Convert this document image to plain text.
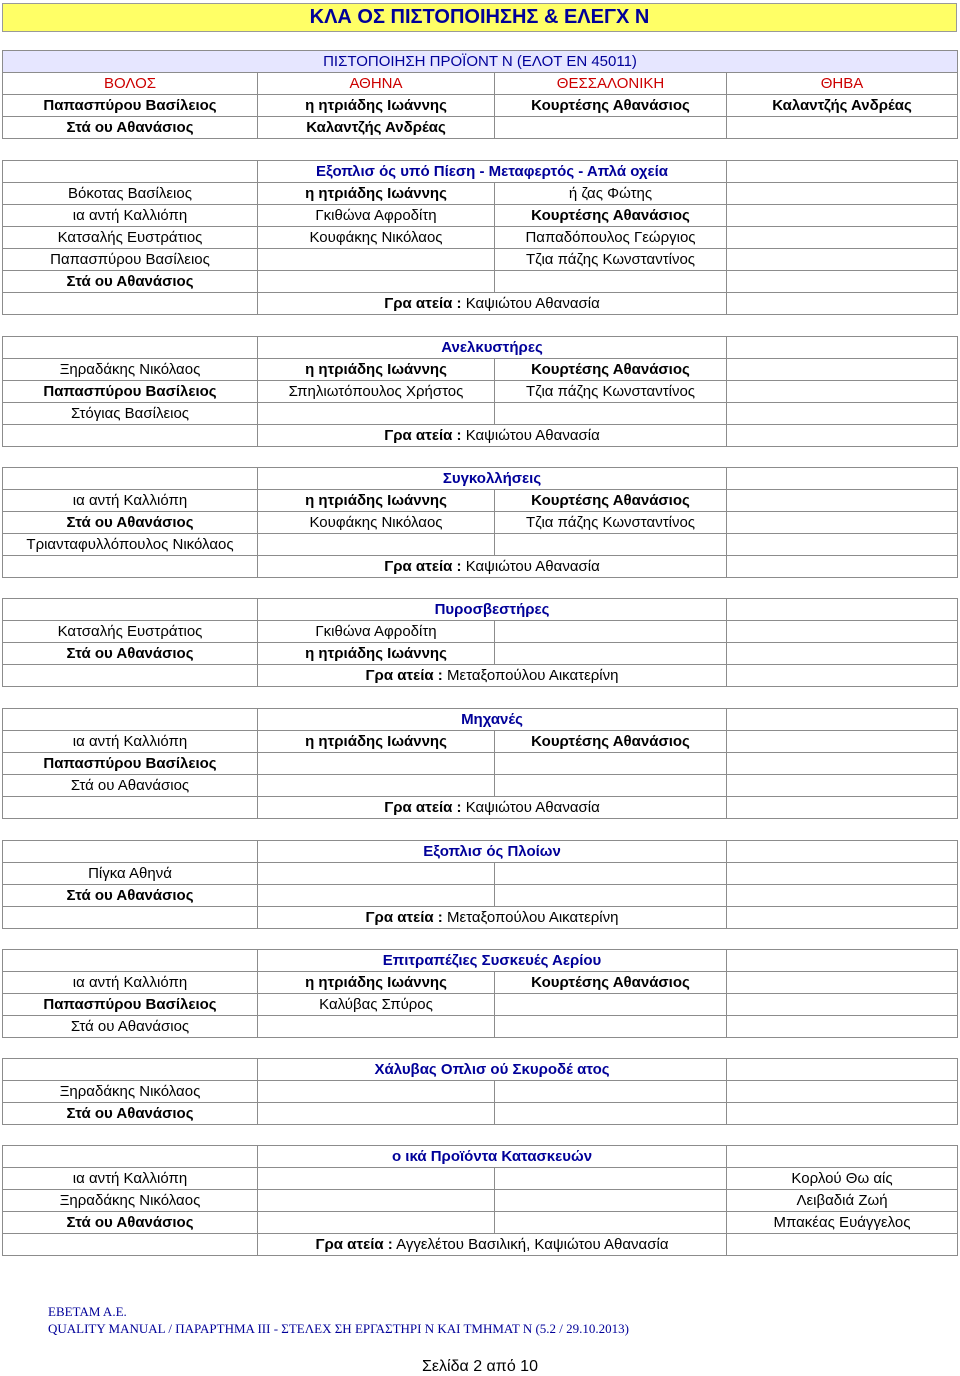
ΚΛΑ ΟΣ ΠΙΣΤΟΠΟΙΗΣΗΣ & ΕΛΕΓΧ Ν
ΠΙΣΤΟΠΟΙΗΣΗ ΠΡΟΪΟΝΤ Ν (ΕΛΟΤ ΕΝ 45011)			
ΒΟΛΟΣ	ΑΘΗΝΑ	ΘΕΣΣΑΛΟΝΙΚΗ	ΘΗΒΑ
Παπασπύρου Βασίλειος	η ητριάδης Ιωάννης	Κουρτέσης Αθανάσιος	Καλαντζής Ανδρέας
Στά ου Αθανάσιος	Καλαντζής Ανδρέας		
	Εξοπλισ ός υπό Πίεση - Μεταφερτός - Απλά οχεία		
Βόκοτας Βασίλειος	η ητριάδης Ιωάννης	ή ζας Φώτης	
ια αντή Καλλιόπη	Γκιθώνα Αφροδίτη	Κουρτέσης Αθανάσιος	
Κατσαλής Ευστράτιος	Κουφάκης Νικόλαος	Παπαδόπουλος Γεώργιος	
Παπασπύρου Βασίλειος		Τζια πάζης Κωνσταντίνος	
Στά ου Αθανάσιος			
	Γρα ατεία : Καψιώτου Αθανασία		
	Ανελκυστήρες		
Ξηραδάκης Νικόλαος	η ητριάδης Ιωάννης	Κουρτέσης Αθανάσιος	
Παπασπύρου Βασίλειος	Σπηλιωτόπουλος Χρήστος	Τζια πάζης Κωνσταντίνος	
Στόγιας Βασίλειος			
	Γρα ατεία : Καψιώτου Αθανασία		
	Συγκολλήσεις		
ια αντή Καλλιόπη	η ητριάδης Ιωάννης	Κουρτέσης Αθανάσιος	
Στά ου Αθανάσιος	Κουφάκης Νικόλαος	Τζια πάζης Κωνσταντίνος	
Τριανταφυλλόπουλος Νικόλαος			
	Γρα ατεία : Καψιώτου Αθανασία		
	Πυροσβεστήρες		
Κατσαλής Ευστράτιος	Γκιθώνα Αφροδίτη		
Στά ου Αθανάσιος	η ητριάδης Ιωάννης		
	Γρα ατεία : Μεταξοπούλου Αικατερίνη		
	Μηχανές		
ια αντή Καλλιόπη	η ητριάδης Ιωάννης	Κουρτέσης Αθανάσιος	
Παπασπύρου Βασίλειος			
Στά ου Αθανάσιος			
	Γρα ατεία : Καψιώτου Αθανασία		
	Εξοπλισ ός Πλοίων		
Πίγκα Αθηνά			
Στά ου Αθανάσιος			
	Γρα ατεία : Μεταξοπούλου Αικατερίνη		
	Επιτραπέζιες Συσκευές Αερίου		
ια αντή Καλλιόπη	η ητριάδης Ιωάννης	Κουρτέσης Αθανάσιος	
Παπασπύρου Βασίλειος	Καλύβας Σπύρος		
Στά ου Αθανάσιος			
	Χάλυβας Οπλισ ού Σκυροδέ ατος		
Ξηραδάκης Νικόλαος			
Στά ου Αθανάσιος			
	ο ικά Προϊόντα Κατασκευών		
ια αντή Καλλιόπη			Κορλού Θω αίς
Ξηραδάκης Νικόλαος			Λειβαδιά Ζωή
Στά ου Αθανάσιος			Μπακέας Ευάγγελος
	Γρα ατεία : Αγγελέτου Βασιλική, Καψιώτου Αθανασία		
ΕΒΕΤΑΜ Α.Ε.
QUALITY MANUAL / ΠΑΡΑΡΤΗΜΑ ΙΙΙ - ΣΤΕΛΕΧ ΣΗ ΕΡΓΑΣΤΗΡΙ Ν ΚΑΙ ΤΜΗΜΑΤ Ν (5.2 / 29.10.2013)
Σελίδα 2 από 10
